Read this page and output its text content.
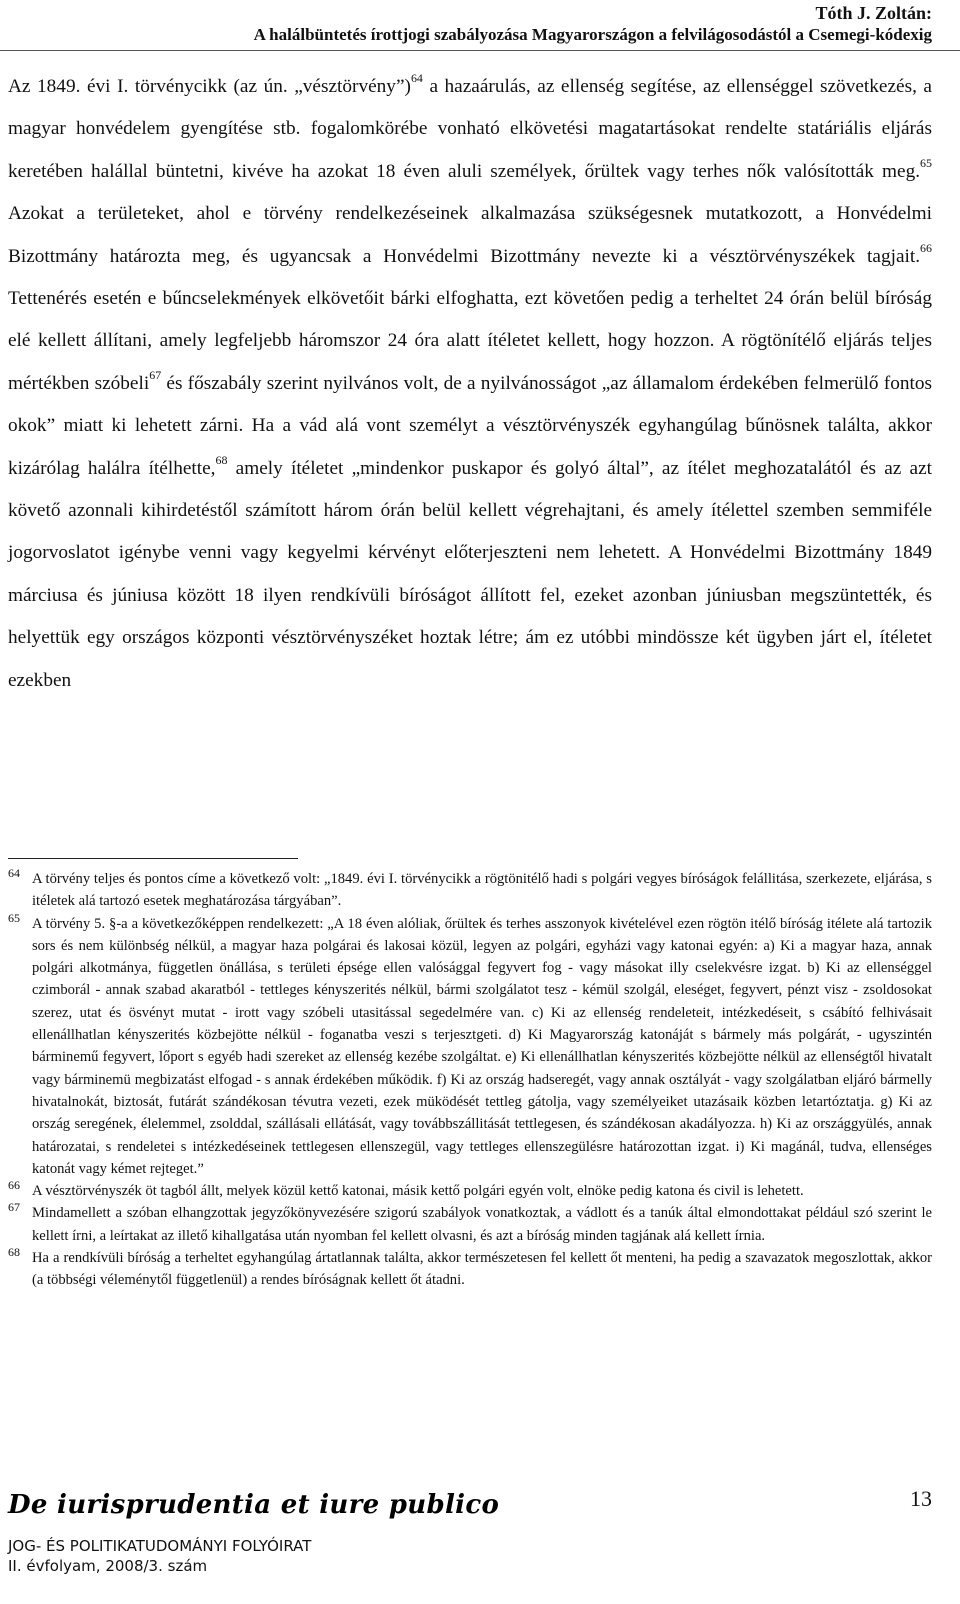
Tóth J. Zoltán:
A halálbüntetés írottjogi szabályozása Magyarországon a felvilágosodástól a Csemegi-kódexig

Az 1849. évi I. törvénycikk (az ún. „vésztörvény”)$^{64}$ a hazaárulás, az ellenség segítése, az ellenséggel szövetkezés, a magyar honvédelem gyengítése stb. fogalomkörébe vonható elkövetési magatartásokat rendelte statáriális eljárás keretében halállal büntetni, kivéve ha azokat 18 éven aluli személyek, őrültek vagy terhes nők valósították meg.$^{65}$ Azokat a területeket, ahol e törvény rendelkezéseinek alkalmazása szükségesnek mutatkozott, a Honvédelmi Bizottmány határozta meg, és ugyancsak a Honvédelmi Bizottmány nevezte ki a vésztörvényszékek tagjait.$^{66}$ Tettenérés esetén e bűncselekmények elkövetőit bárki elfoghatta, ezt követően pedig a terheltet 24 órán belül bíróság elé kellett állítani, amely legfeljebb háromszor 24 óra alatt ítéletet kellett, hogy hozzon. A rögtönítélő eljárás teljes mértékben szóbeli$^{67}$ és főszabály szerint nyilvános volt, de a nyilvánosságot „az államalom érdekében felmerülő fontos okok” miatt ki lehetett zárni. Ha a vád alá vont személyt a vésztörvényszék egyhangúlag bűnösnek találta, akkor kizárólag halálra ítélhette,$^{68}$ amely ítéletet „mindenkor puskapor és golyó által”, az ítélet meghozatalától és az azt követő azonnali kihirdetéstől számított három órán belül kellett végrehajtani, és amely ítélettel szemben semmiféle jogorvoslatot igénybe venni vagy kegyelmi kérvényt előterjeszteni nem lehetett. A Honvédelmi Bizottmány 1849 márciusa és júniusa között 18 ilyen rendkívüli bíróságot állított fel, ezeket azonban júniusban megszüntették, és helyettük egy országos központi vésztörvényszéket hoztak létre; ám ez utóbbi mindössze két ügyben járt el, ítéletet ezekben

64 A törvény teljes és pontos címe a következő volt: „1849. évi I. törvénycikk a rögtönitélő hadi s polgári vegyes bíróságok felállitása, szerkezete, eljárása, s itéletek alá tartozó esetek meghatározása tárgyában”.

65 A törvény 5. §-a a következőképpen rendelkezett: „A 18 éven alóliak, őrültek és terhes asszonyok kivételével ezen rögtön itélő bíróság itélete alá tartozik sors és nem különbség nélkül, a magyar haza polgárai és lakosai közül, legyen az polgári, egyházi vagy katonai egyén: a) Ki a magyar haza, annak polgári alkotmánya, független önállása, s területi épsége ellen valósággal fegyvert fog - vagy másokat illy cselekvésre izgat. b) Ki az ellenséggel czimborál - annak szabad akaratból - tettleges kényszerités nélkül, bármi szolgálatot tesz - kémül szolgál, eleséget, fegyvert, pénzt visz - zsoldosokat szerez, utat és ösvényt mutat - irott vagy szóbeli utasitással segedelmére van. c) Ki az ellenség rendeleteit, intézkedéseit, s csábító felhivásait ellenállhatlan kényszerités közbejötte nélkül - foganatba veszi s terjesztgeti. d) Ki Magyarország katonáját s bármely más polgárát, - ugyszintén bárminemű fegyvert, lőport s egyéb hadi szereket az ellenség kezébe szolgáltat. e) Ki ellenállhatlan kényszerités közbejötte nélkül az ellenségtől hivatalt vagy bárminemü megbizatást elfogad - s annak érdekében működik. f) Ki az ország hadseregét, vagy annak osztályát - vagy szolgálatban eljáró bármelly hivatalnokát, biztosát, futárát szándékosan tévutra vezeti, ezek müködését tettleg gátolja, vagy személyeiket utazásaik közben letartóztatja. g) Ki az ország seregének, élelemmel, zsolddal, szállásali ellátását, vagy továbbszállitását tettlegesen, és szándékosan akadályozza. h) Ki az országgyülés, annak határozatai, s rendeletei s intézkedéseinek tettlegesen ellenszegül, vagy tettleges ellenszegülésre határozottan izgat. i) Ki magánál, tudva, ellenséges katonát vagy kémet rejteget.”

66 A vésztörvényszék öt tagból állt, melyek közül kettő katonai, másik kettő polgári egyén volt, elnöke pedig katona és civil is lehetett.

67 Mindamellett a szóban elhangzottak jegyzőkönyvezésére szigorú szabályok vonatkoztak, a vádlott és a tanúk által elmondottakat például szó szerint le kellett írni, a leírtakat az illető kihallgatása után nyomban fel kellett olvasni, és azt a bíróság minden tagjának alá kellett írnia.

68 Ha a rendkívüli bíróság a terheltet egyhangúlag ártatlannak találta, akkor természetesen fel kellett őt menteni, ha pedig a szavazatok megoszlottak, akkor (a többségi véleménytől függetlenül) a rendes bíróságnak kellett őt átadni.

De iurisprudentia et iure publico
JOG- ÉS POLITIKATUDOMÁNYI FOLYÓIRAT
II. évfolyam, 2008/3. szám
13
